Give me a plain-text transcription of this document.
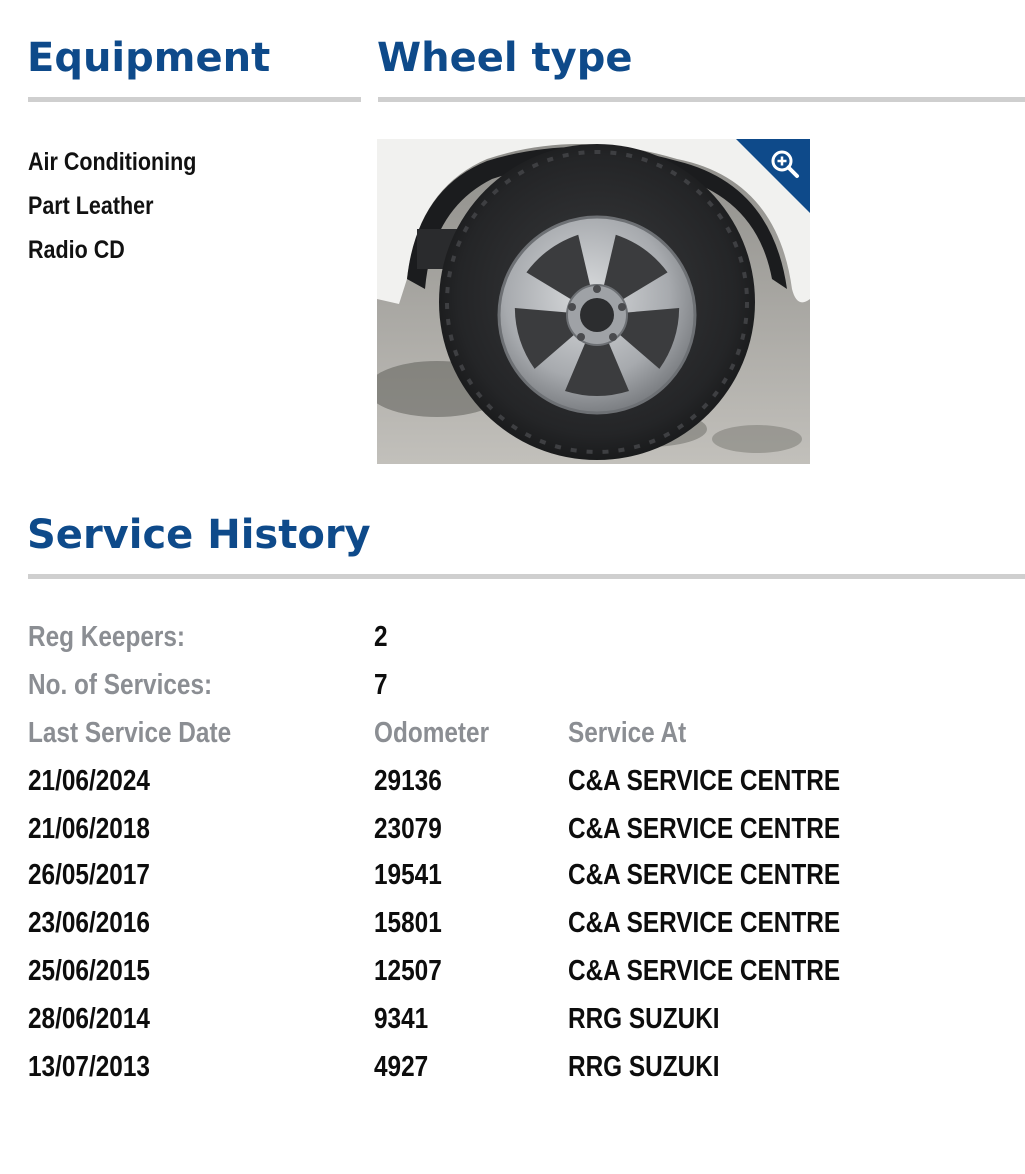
Equipment
Air Conditioning
Part Leather
Radio CD
Wheel type
Service History
Reg Keepers:	2
No. of Services:	7
Last Service Date	Odometer	Service At
21/06/2024	29136	C&A SERVICE CENTRE
21/06/2018	23079	C&A SERVICE CENTRE
26/05/2017	19541	C&A SERVICE CENTRE
23/06/2016	15801	C&A SERVICE CENTRE
25/06/2015	12507	C&A SERVICE CENTRE
28/06/2014	9341	RRG SUZUKI
13/07/2013	4927	RRG SUZUKI
